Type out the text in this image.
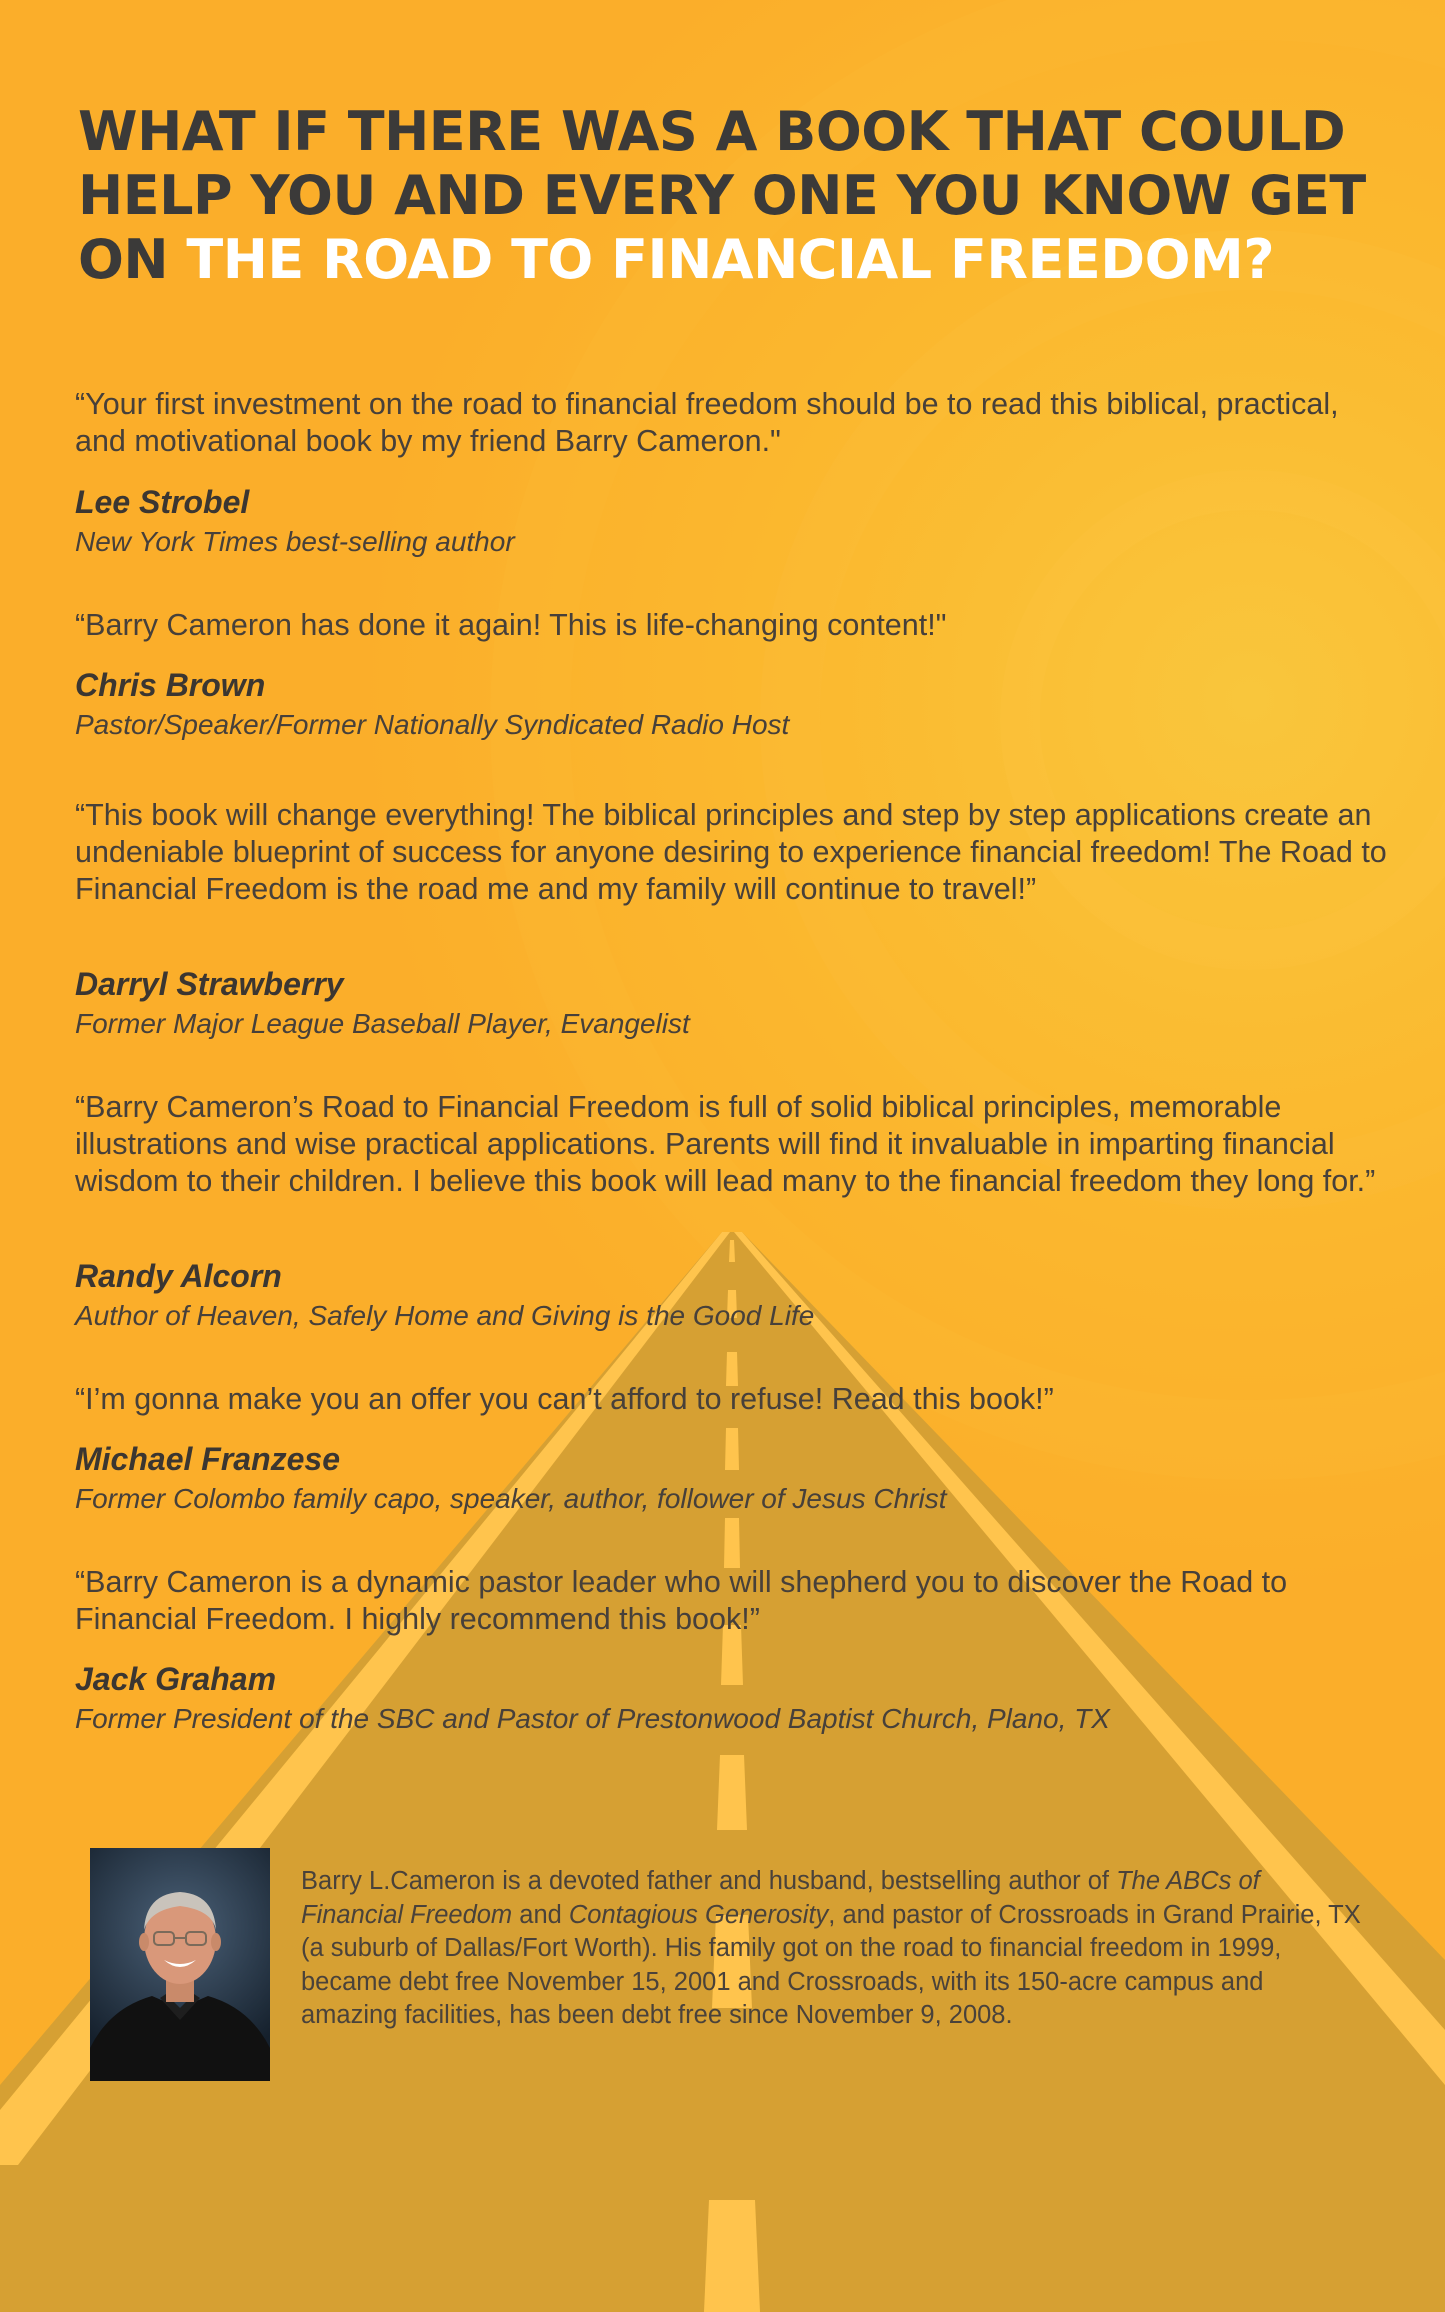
WHAT IF THERE WAS A BOOK THAT COULD
HELP YOU AND EVERY ONE YOU KNOW GET
ON THE ROAD TO FINANCIAL FREEDOM?

“Your first investment on the road to financial freedom should be to read this biblical, practical, and motivational book by my friend Barry Cameron."

Lee Strobel

New York Times best-selling author

“Barry Cameron has done it again! This is life-changing content!"

Chris Brown

Pastor/Speaker/Former Nationally Syndicated Radio Host

“This book will change everything! The biblical principles and step by step applications create an undeniable blueprint of success for anyone desiring to experience financial freedom! The Road to Financial Freedom is the road me and my family will continue to travel!”

Darryl Strawberry

Former Major League Baseball Player, Evangelist

“Barry Cameron’s Road to Financial Freedom is full of solid biblical principles, memorable illustrations and wise practical applications. Parents will find it invaluable in imparting financial wisdom to their children. I believe this book will lead many to the financial freedom they long for.”

Randy Alcorn

Author of Heaven, Safely Home and Giving is the Good Life

“I’m gonna make you an offer you can’t afford to refuse! Read this book!”

Michael Franzese

Former Colombo family capo, speaker, author, follower of Jesus Christ

“Barry Cameron is a dynamic pastor leader who will shepherd you to discover the Road to Financial Freedom. I highly recommend this book!”

Jack Graham

Former President of the SBC and Pastor of Prestonwood Baptist Church, Plano, TX

Barry L.Cameron is a devoted father and husband, bestselling author of The ABCs of Financial Freedom and Contagious Generosity, and pastor of Crossroads in Grand Prairie, TX (a suburb of Dallas/Fort Worth). His family got on the road to financial freedom in 1999, became debt free November 15, 2001 and Crossroads, with its 150-acre campus and amazing facilities, has been debt free since November 9, 2008.
